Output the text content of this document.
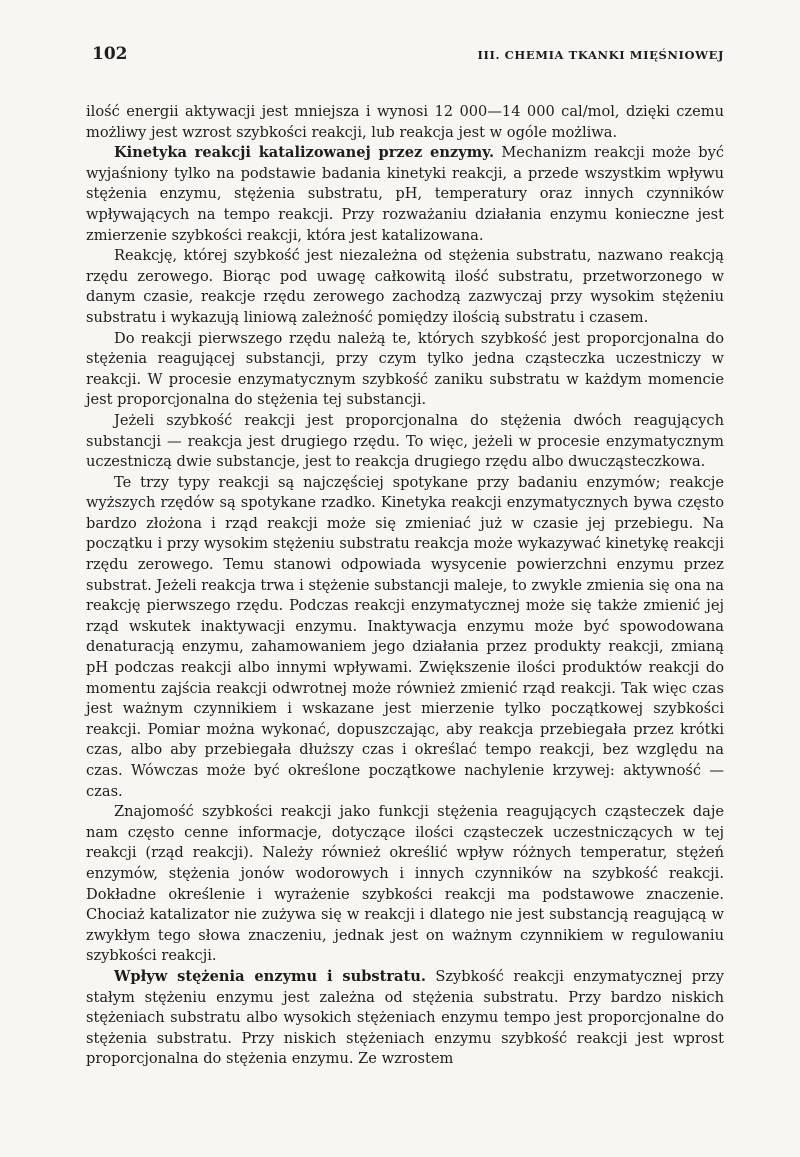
102	III. CHEMIA TKANKI MIĘŚNIOWEJ

ilość energii aktywacji jest mniejsza i wynosi 12 000—14 000 cal/mol, dzięki czemu możliwy jest wzrost szybkości reakcji, lub reakcja jest w ogóle możliwa.

Kinetyka reakcji katalizowanej przez enzymy. Mechanizm reakcji może być wyjaśniony tylko na podstawie badania kinetyki reakcji, a przede wszystkim wpływu stężenia enzymu, stężenia substratu, pH, temperatury oraz innych czynników wpływających na tempo reakcji. Przy rozważaniu działania enzymu konieczne jest zmierzenie szybkości reakcji, która jest katalizowana.

Reakcję, której szybkość jest niezależna od stężenia substratu, nazwano reakcją rzędu zerowego. Biorąc pod uwagę całkowitą ilość substratu, przetworzonego w danym czasie, reakcje rzędu zerowego zachodzą zazwyczaj przy wysokim stężeniu substratu i wykazują liniową zależność pomiędzy ilością substratu i czasem.

Do reakcji pierwszego rzędu należą te, których szybkość jest proporcjonalna do stężenia reagującej substancji, przy czym tylko jedna cząsteczka uczestniczy w reakcji. W procesie enzymatycznym szybkość zaniku substratu w każdym momencie jest proporcjonalna do stężenia tej substancji.

Jeżeli szybkość reakcji jest proporcjonalna do stężenia dwóch reagujących substancji — reakcja jest drugiego rzędu. To więc, jeżeli w procesie enzymatycznym uczestniczą dwie substancje, jest to reakcja drugiego rzędu albo dwucząsteczkowa.

Te trzy typy reakcji są najczęściej spotykane przy badaniu enzymów; reakcje wyższych rzędów są spotykane rzadko. Kinetyka reakcji enzymatycznych bywa często bardzo złożona i rząd reakcji może się zmieniać już w czasie jej przebiegu. Na początku i przy wysokim stężeniu substratu reakcja może wykazywać kinetykę reakcji rzędu zerowego. Temu stanowi odpowiada wysycenie powierzchni enzymu przez substrat. Jeżeli reakcja trwa i stężenie substancji maleje, to zwykle zmienia się ona na reakcję pierwszego rzędu. Podczas reakcji enzymatycznej może się także zmienić jej rząd wskutek inaktywacji enzymu. Inaktywacja enzymu może być spowodowana denaturacją enzymu, zahamowaniem jego działania przez produkty reakcji, zmianą pH podczas reakcji albo innymi wpływami. Zwiększenie ilości produktów reakcji do momentu zajścia reakcji odwrotnej może również zmienić rząd reakcji. Tak więc czas jest ważnym czynnikiem i wskazane jest mierzenie tylko początkowej szybkości reakcji. Pomiar można wykonać, dopuszczając, aby reakcja przebiegała przez krótki czas, albo aby przebiegała dłuższy czas i określać tempo reakcji, bez względu na czas. Wówczas może być określone początkowe nachylenie krzywej: aktywność — czas.

Znajomość szybkości reakcji jako funkcji stężenia reagujących cząsteczek daje nam często cenne informacje, dotyczące ilości cząsteczek uczestniczących w tej reakcji (rząd reakcji). Należy również określić wpływ różnych temperatur, stężeń enzymów, stężenia jonów wodorowych i innych czynników na szybkość reakcji. Dokładne określenie i wyrażenie szybkości reakcji ma podstawowe znaczenie. Chociaż katalizator nie zużywa się w reakcji i dlatego nie jest substancją reagującą w zwykłym tego słowa znaczeniu, jednak jest on ważnym czynnikiem w regulowaniu szybkości reakcji.

Wpływ stężenia enzymu i substratu. Szybkość reakcji enzymatycznej przy stałym stężeniu enzymu jest zależna od stężenia substratu. Przy bardzo niskich stężeniach substratu albo wysokich stężeniach enzymu tempo jest proporcjonalne do stężenia substratu. Przy niskich stężeniach enzymu szybkość reakcji jest wprost proporcjonalna do stężenia enzymu. Ze wzrostem
